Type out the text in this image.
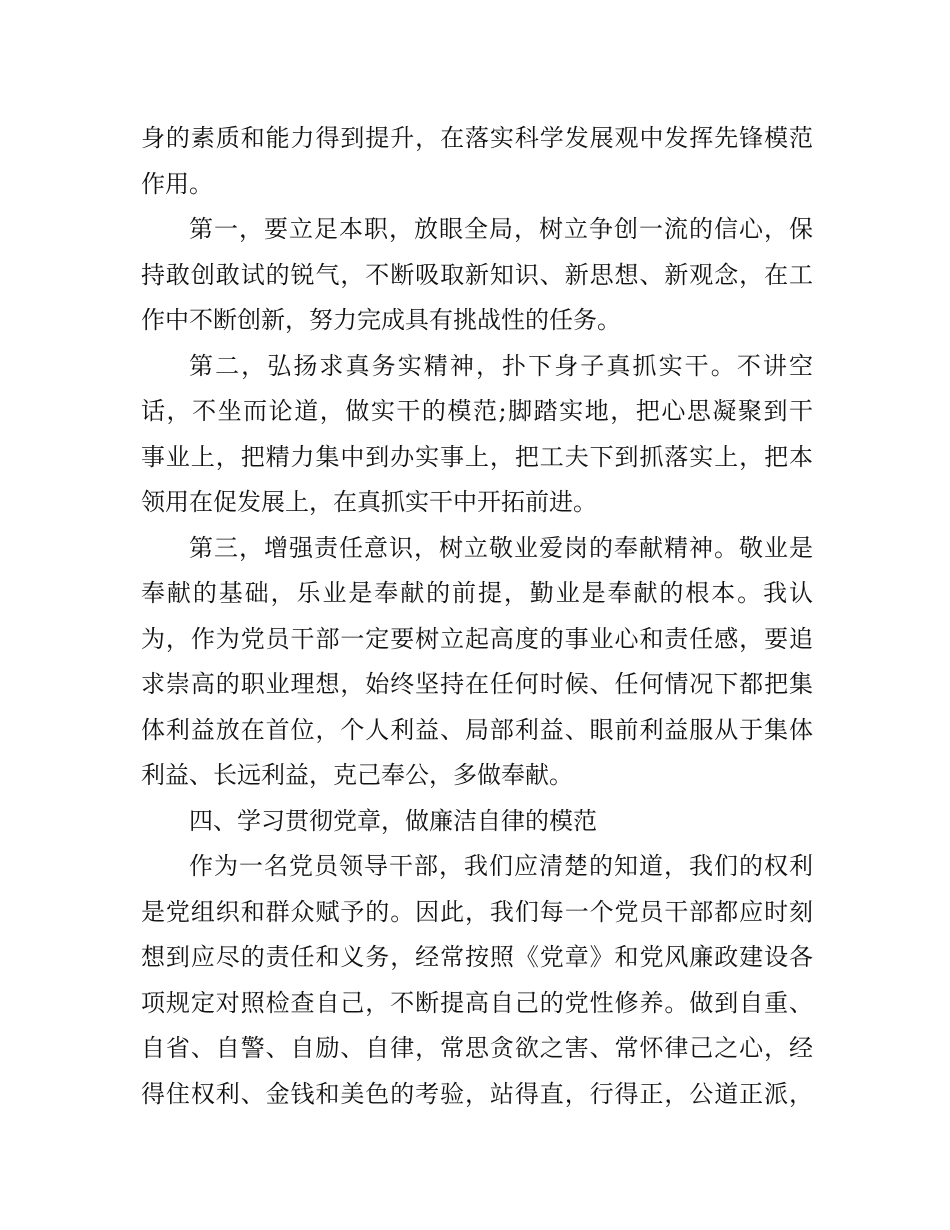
身的素质和能力得到提升，在落实科学发展观中发挥先锋模范
作用。
第一，要立足本职，放眼全局，树立争创一流的信心，保
持敢创敢试的锐气，不断吸取新知识、新思想、新观念，在工
作中不断创新，努力完成具有挑战性的任务。
第二，弘扬求真务实精神，扑下身子真抓实干。不讲空
话，不坐而论道，做实干的模范;脚踏实地，把心思凝聚到干
事业上，把精力集中到办实事上，把工夫下到抓落实上，把本
领用在促发展上，在真抓实干中开拓前进。
第三，增强责任意识，树立敬业爱岗的奉献精神。敬业是
奉献的基础，乐业是奉献的前提，勤业是奉献的根本。我认
为，作为党员干部一定要树立起高度的事业心和责任感，要追
求崇高的职业理想，始终坚持在任何时候、任何情况下都把集
体利益放在首位，个人利益、局部利益、眼前利益服从于集体
利益、长远利益，克己奉公，多做奉献。
四、学习贯彻党章，做廉洁自律的模范
作为一名党员领导干部，我们应清楚的知道，我们的权利
是党组织和群众赋予的。因此，我们每一个党员干部都应时刻
想到应尽的责任和义务，经常按照《党章》和党风廉政建设各
项规定对照检查自己，不断提高自己的党性修养。做到自重、
自省、自警、自励、自律，常思贪欲之害、常怀律己之心，经
得住权利、金钱和美色的考验，站得直，行得正，公道正派，
